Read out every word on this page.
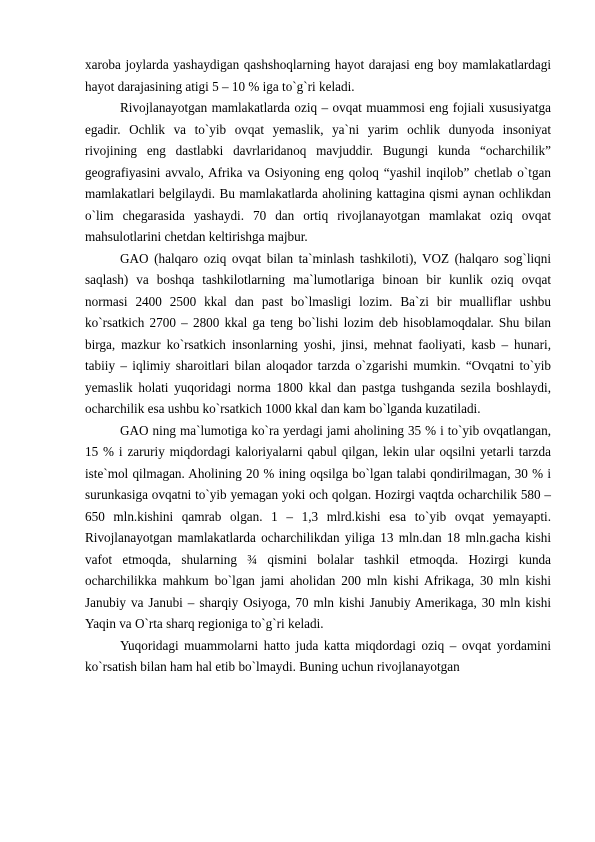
xaroba joylarda yashaydigan qashshoqlarning hayot darajasi eng boy mamlakatlardagi hayot darajasining atigi 5 – 10 % iga to`g`ri keladi.

Rivojlanayotgan mamlakatlarda oziq – ovqat muammosi eng fojiali xususiyatga egadir. Ochlik va to`yib ovqat yemaslik, ya`ni yarim ochlik dunyoda insoniyat rivojining eng dastlabki davrlaridanoq mavjuddir. Bugungi kunda “ocharchilik” geografiyasini avvalo, Afrika va Osiyoning eng qoloq “yashil inqilob” chetlab o`tgan mamlakatlari belgilaydi. Bu mamlakatlarda aholining kattagina qismi aynan ochlikdan o`lim chegarasida yashaydi. 70 dan ortiq rivojlanayotgan mamlakat oziq ovqat mahsulotlarini chetdan keltirishga majbur.

GAO (halqaro oziq ovqat bilan ta`minlash tashkiloti), VOZ (halqaro sog`liqni saqlash) va boshqa tashkilotlarning ma`lumotlariga binoan bir kunlik oziq ovqat normasi 2400 2500 kkal dan past bo`lmasligi lozim. Ba`zi bir mualliflar ushbu ko`rsatkich 2700 – 2800 kkal ga teng bo`lishi lozim deb hisoblamoqdalar. Shu bilan birga, mazkur ko`rsatkich insonlarning yoshi, jinsi, mehnat faoliyati, kasb – hunari, tabiiy – iqlimiy sharoitlari bilan aloqador tarzda o`zgarishi mumkin. “Ovqatni to`yib yemaslik holati yuqoridagi norma 1800 kkal dan pastga tushganda sezila boshlaydi, ocharchilik esa ushbu ko`rsatkich 1000 kkal dan kam bo`lganda kuzatiladi.

GAO ning ma`lumotiga ko`ra yerdagi jami aholining 35 % i to`yib ovqatlangan, 15 % i zaruriy miqdordagi kaloriyalarni qabul qilgan, lekin ular oqsilni yetarli tarzda iste`mol qilmagan. Aholining 20 % ining oqsilga bo`lgan talabi qondirilmagan, 30 % i surunkasiga ovqatni to`yib yemagan yoki och qolgan. Hozirgi vaqtda ocharchilik 580 – 650 mln.kishini qamrab olgan. 1 – 1,3 mlrd.kishi esa to`yib ovqat yemayapti. Rivojlanayotgan mamlakatlarda ocharchilikdan yiliga 13 mln.dan 18 mln.gacha kishi vafot etmoqda, shularning ¾ qismini bolalar tashkil etmoqda. Hozirgi kunda ocharchilikka mahkum bo`lgan jami aholidan 200 mln kishi Afrikaga, 30 mln kishi Janubiy va Janubi – sharqiy Osiyoga, 70 mln kishi Janubiy Amerikaga, 30 mln kishi Yaqin va O`rta sharq regioniga to`g`ri keladi.

Yuqoridagi muammolarni hatto juda katta miqdordagi oziq – ovqat yordamini ko`rsatish bilan ham hal etib bo`lmaydi. Buning uchun rivojlanayotgan
